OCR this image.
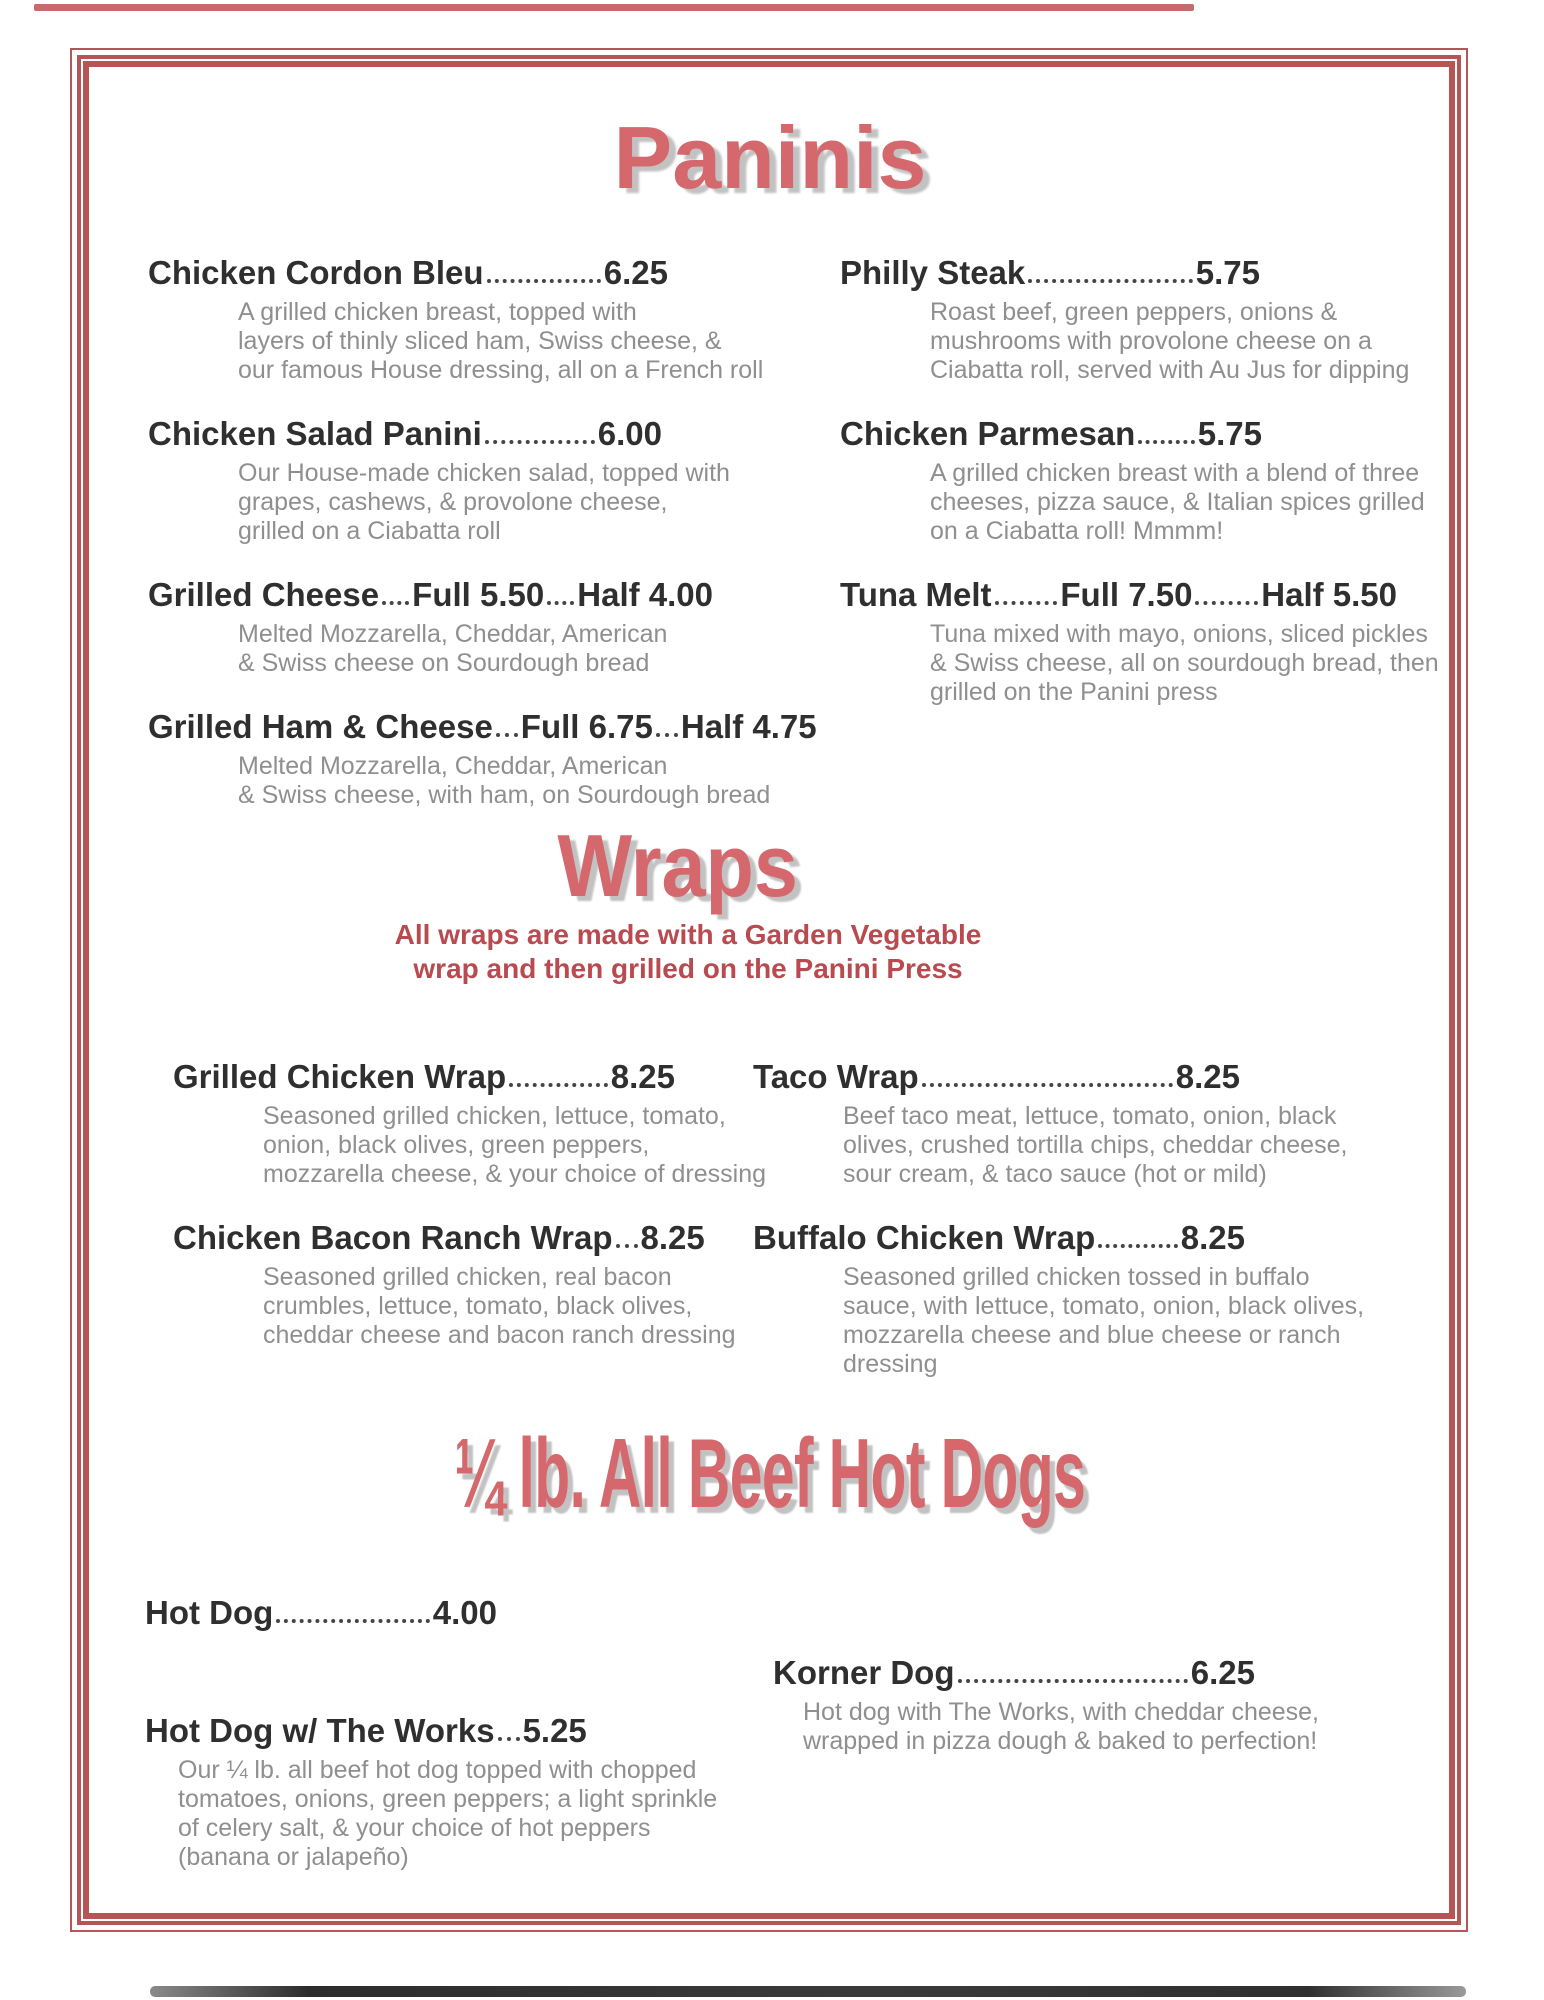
Paninis
Chicken Cordon Bleu	6.25
A grilled chicken breast, topped with
layers of thinly sliced ham, Swiss cheese, &
our famous House dressing, all on a French roll
Chicken Salad Panini	6.00
Our House-made chicken salad, topped with
grapes, cashews, & provolone cheese,
grilled on a Ciabatta roll
Grilled Cheese Full 5.50 Half 4.00
Melted Mozzarella, Cheddar, American
& Swiss cheese on Sourdough bread
Grilled Ham & Cheese Full 6.75 Half 4.75
Melted Mozzarella, Cheddar, American
& Swiss cheese, with ham, on Sourdough bread
Philly Steak	5.75
Roast beef, green peppers, onions &
mushrooms with provolone cheese on a
Ciabatta roll, served with Au Jus for dipping
Chicken Parmesan 5.75
A grilled chicken breast with a blend of three
cheeses, pizza sauce, & Italian spices grilled
on a Ciabatta roll! Mmmm!
Tuna Melt Full 7.50 Half 5.50
Tuna mixed with mayo, onions, sliced pickles
& Swiss cheese, all on sourdough bread, then
grilled on the Panini press
Wraps
All wraps are made with a Garden Vegetable
wrap and then grilled on the Panini Press
Grilled Chicken Wrap	8.25
Seasoned grilled chicken, lettuce, tomato,
onion, black olives, green peppers,
mozzarella cheese, & your choice of dressing
Chicken Bacon Ranch Wrap 8.25
Seasoned grilled chicken, real bacon
crumbles, lettuce, tomato, black olives,
cheddar cheese and bacon ranch dressing
Taco Wrap	8.25
Beef taco meat, lettuce, tomato, onion, black
olives, crushed tortilla chips, cheddar cheese,
sour cream, & taco sauce (hot or mild)
Buffalo Chicken Wrap	8.25
Seasoned grilled chicken tossed in buffalo
sauce, with lettuce, tomato, onion, black olives,
mozzarella cheese and blue cheese or ranch
dressing
¼ lb. All Beef Hot Dogs
Hot Dog	4.00
Hot Dog w/ The Works 5.25
Our ¼ lb. all beef hot dog topped with chopped
tomatoes, onions, green peppers; a light sprinkle
of celery salt, & your choice of hot peppers
(banana or jalapeño)
Korner Dog	6.25
Hot dog with The Works, with cheddar cheese,
wrapped in pizza dough & baked to perfection!
